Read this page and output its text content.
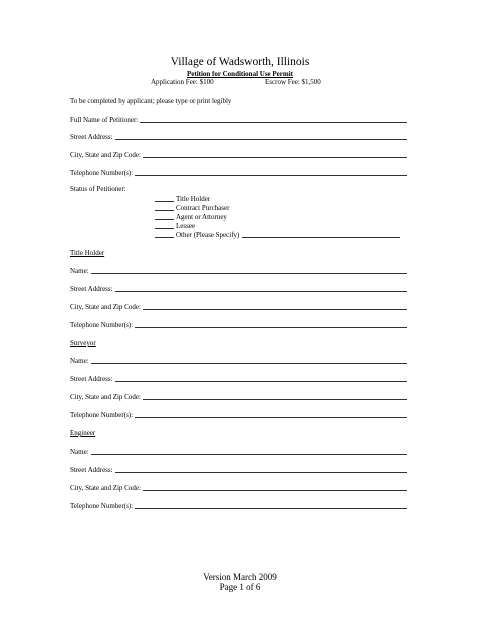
Village of Wadsworth, Illinois
Petition for Conditional Use Permit
Application Fee: $100	Escrow Fee: $1,500
To be completed by applicant; please type or print legibly
Full Name of Petitioner:
Street Address:
City, State and Zip Code:
Telephone Number(s):
Status of Petitioner:
Title Holder
Contract Purchaser
Agent or Attorney
Lessee
Other (Please Specify)
Title Holder
Name:
Street Address:
City, State and Zip Code:
Telephone Number(s):
Surveyor
Name:
Street Address:
City, State and Zip Code:
Telephone Number(s):
Engineer
Name:
Street Address:
City, State and Zip Code:
Telephone Number(s):
Version March 2009
Page 1 of 6
